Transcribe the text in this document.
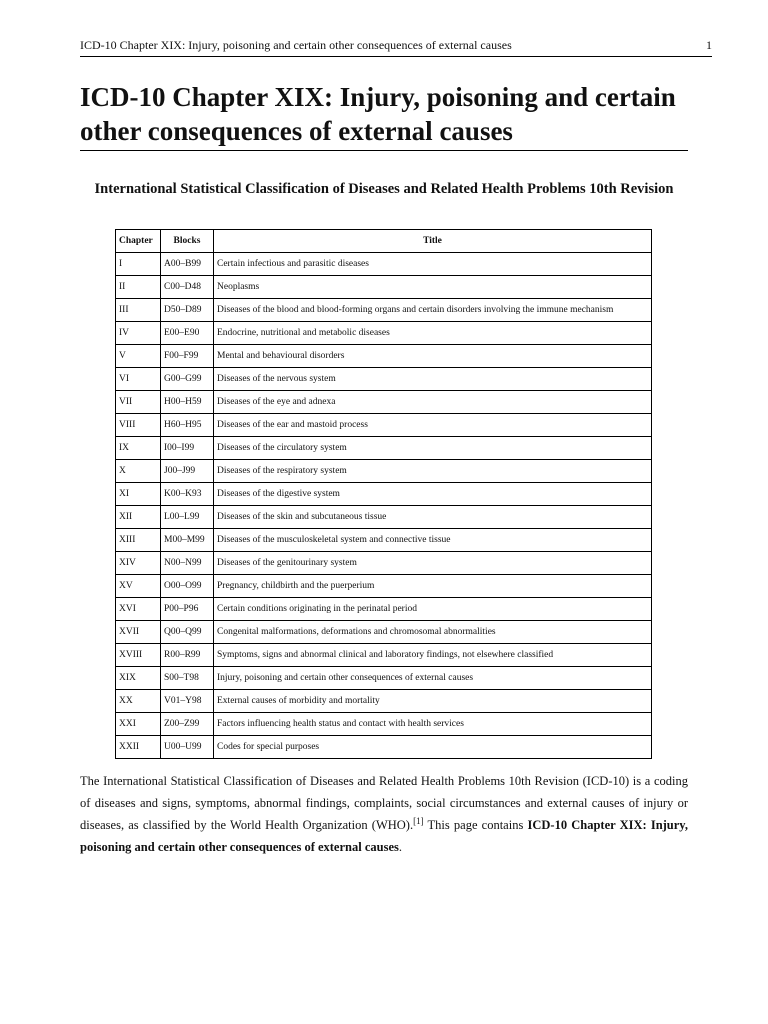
ICD-10 Chapter XIX: Injury, poisoning and certain other consequences of external causes	1
ICD-10 Chapter XIX: Injury, poisoning and certain other consequences of external causes
International Statistical Classification of Diseases and Related Health Problems 10th Revision
Chapter	Blocks	Title
I	A00–B99	Certain infectious and parasitic diseases
II	C00–D48	Neoplasms
III	D50–D89	Diseases of the blood and blood-forming organs and certain disorders involving the immune mechanism
IV	E00–E90	Endocrine, nutritional and metabolic diseases
V	F00–F99	Mental and behavioural disorders
VI	G00–G99	Diseases of the nervous system
VII	H00–H59	Diseases of the eye and adnexa
VIII	H60–H95	Diseases of the ear and mastoid process
IX	I00–I99	Diseases of the circulatory system
X	J00–J99	Diseases of the respiratory system
XI	K00–K93	Diseases of the digestive system
XII	L00–L99	Diseases of the skin and subcutaneous tissue
XIII	M00–M99	Diseases of the musculoskeletal system and connective tissue
XIV	N00–N99	Diseases of the genitourinary system
XV	O00–O99	Pregnancy, childbirth and the puerperium
XVI	P00–P96	Certain conditions originating in the perinatal period
XVII	Q00–Q99	Congenital malformations, deformations and chromosomal abnormalities
XVIII	R00–R99	Symptoms, signs and abnormal clinical and laboratory findings, not elsewhere classified
XIX	S00–T98	Injury, poisoning and certain other consequences of external causes
XX	V01–Y98	External causes of morbidity and mortality
XXI	Z00–Z99	Factors influencing health status and contact with health services
XXII	U00–U99	Codes for special purposes

The International Statistical Classification of Diseases and Related Health Problems 10th Revision (ICD-10) is a coding of diseases and signs, symptoms, abnormal findings, complaints, social circumstances and external causes of injury or diseases, as classified by the World Health Organization (WHO).[1] This page contains ICD-10 Chapter XIX: Injury, poisoning and certain other consequences of external causes.
